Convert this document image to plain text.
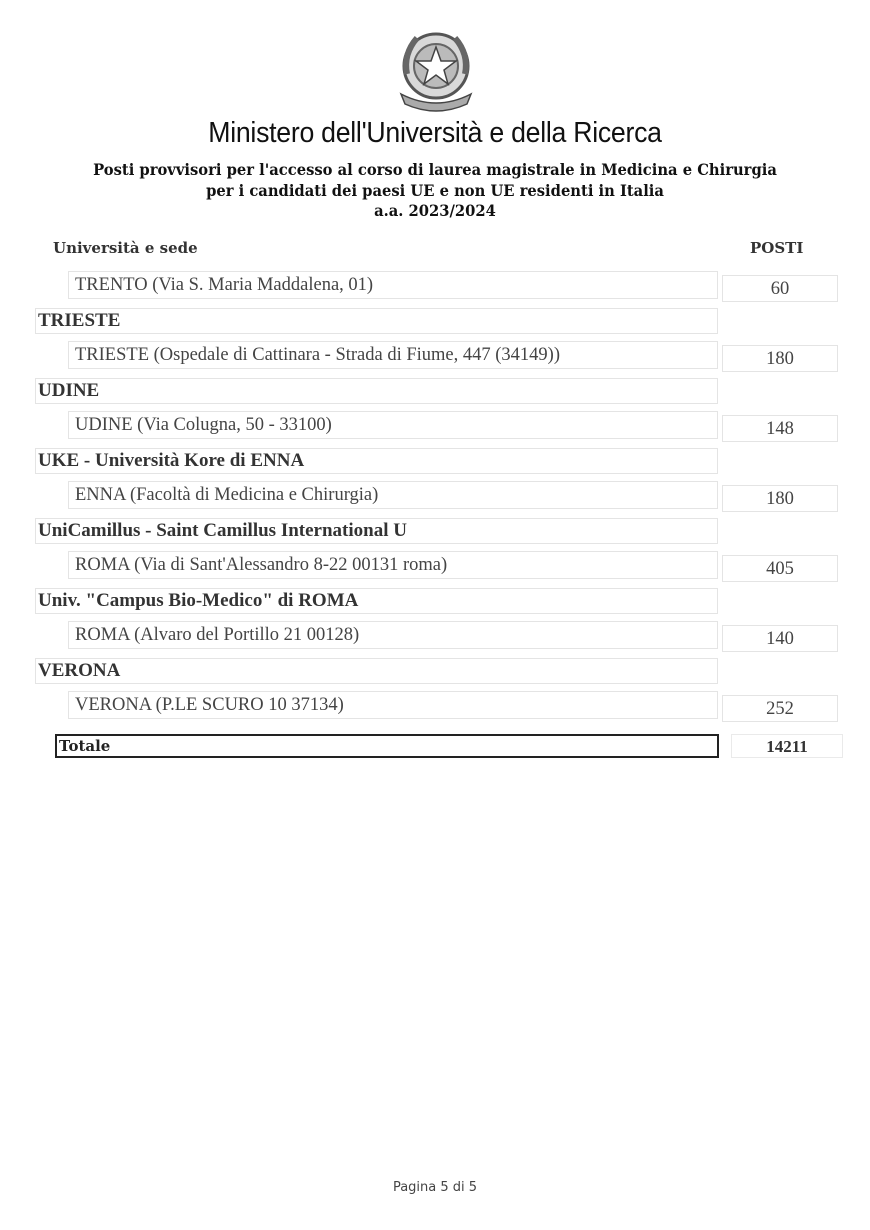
Ministero dell'Università e della Ricerca
Posti provvisori per l'accesso al corso di laurea magistrale in Medicina e Chirurgia
per i candidati dei paesi UE e non UE residenti in Italia
a.a. 2023/2024
Università e sede	POSTI
TRENTO (Via S. Maria Maddalena, 01)	60
TRIESTE
TRIESTE (Ospedale di Cattinara - Strada di Fiume, 447 (34149))	180
UDINE
UDINE (Via Colugna, 50 - 33100)	148
UKE - Università Kore di ENNA
ENNA (Facoltà di Medicina e Chirurgia)	180
UniCamillus - Saint Camillus International U
ROMA (Via di Sant'Alessandro 8-22 00131 roma)	405
Univ. "Campus Bio-Medico" di ROMA
ROMA (Alvaro del Portillo 21 00128)	140
VERONA
VERONA (P.LE SCURO 10 37134)	252
Totale	14211
Pagina 5 di 5
